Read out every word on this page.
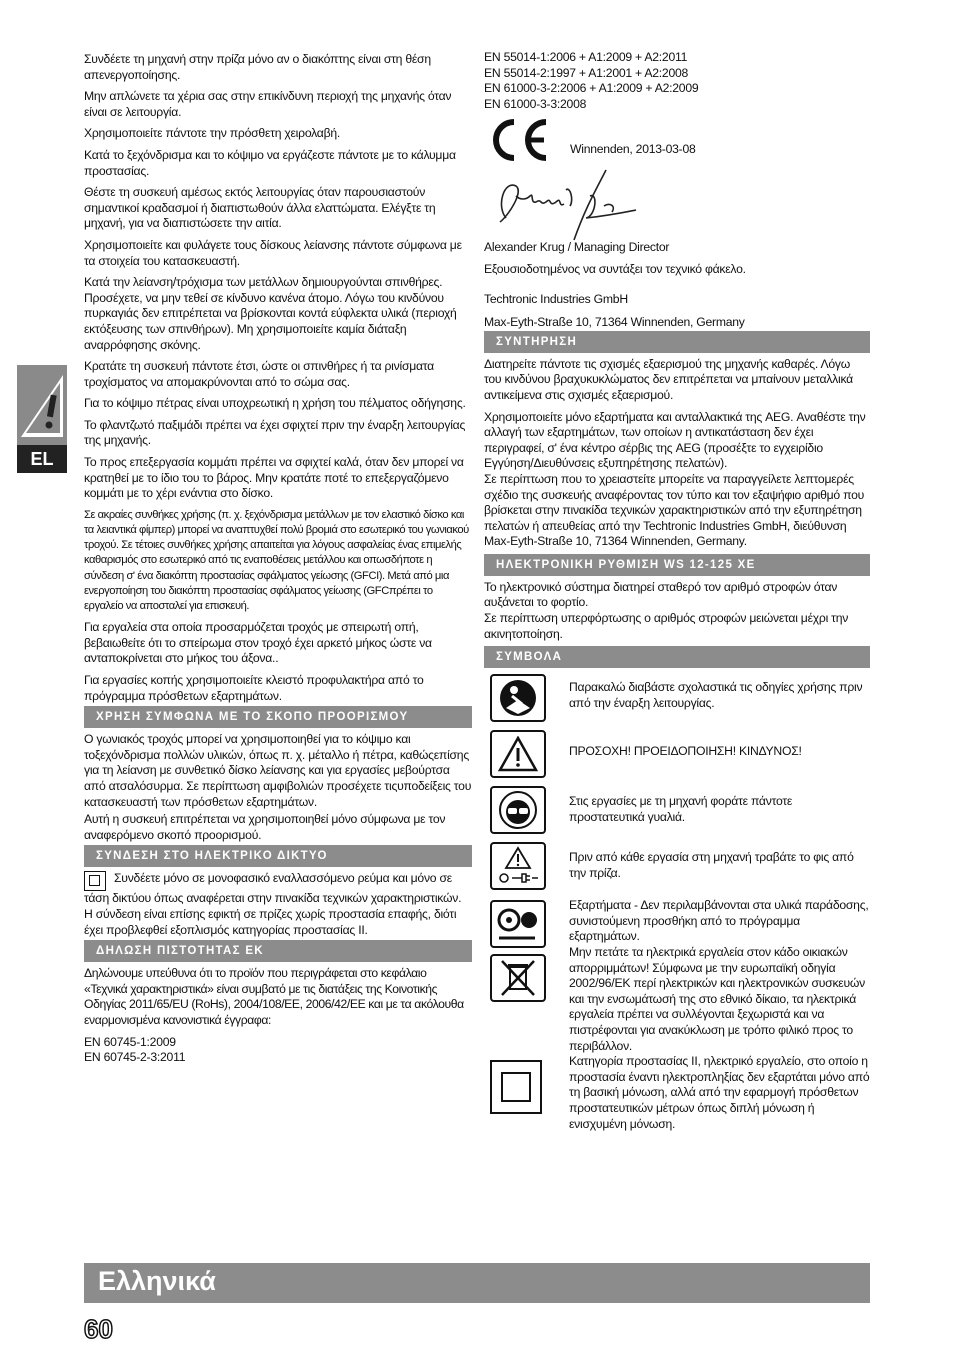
EL

Συνδέετε τη μηχανή στην πρίζα μόνο αν ο διακόπτης είναι στη θέση απενεργοποίησης.

Μην απλώνετε τα χέρια σας στην επικίνδυνη περιοχή της μηχανής όταν είναι σε λειτουργία.

Χρησιμοποιείτε πάντοτε την πρόσθετη χειρολαβή.

Κατά το ξεχόνδρισμα και το κόψιμο να εργάζεστε πάντοτε με το κάλυμμα προστασίας.

Θέστε τη συσκευή αμέσως εκτός λειτουργίας όταν παρουσιαστούν σημαντικοί κραδασμοί ή διαπιστωθούν άλλα ελαττώματα. Ελέγξτε τη μηχανή, για να διαπιστώσετε την αιτία.

Χρησιμοποιείτε και φυλάγετε τους δίσκους λείανσης πάντοτε σύμφωνα με τα στοιχεία του κατασκευαστή.

Κατά την λείανση/τρόχισμα των μετάλλων δημιουργούνται σπινθήρες. Προσέχετε, να μην τεθεί σε κίνδυνο κανένα άτομο. Λόγω του κινδύνου πυρκαγιάς δεν επιτρέπεται να βρίσκονται κοντά εύφλεκτα υλικά (περιοχή εκτόξευσης των σπινθήρων). Μη χρησιμοποιείτε καμία διάταξη αναρρόφησης σκόνης.

Κρατάτε τη συσκευή πάντοτε έτσι, ώστε οι σπινθήρες ή τα ρινίσματα τροχίσματος να απομακρύνονται από το σώμα σας.

Για το κόψιμο πέτρας είναι υποχρεωτική η χρήση του πέλματος οδήγησης.

Το φλαντζωτό παξιμάδι πρέπει να έχει σφιχτεί πριν την έναρξη λειτουργίας της μηχανής.

Το προς επεξεργασία κομμάτι πρέπει να σφιχτεί καλά, όταν δεν μπορεί να κρατηθεί με το ίδιο του το βάρος. Μην κρατάτε ποτέ το επεξεργαζόμενο κομμάτι με το χέρι ενάντια στο δίσκο.

Σε ακραίες συνθήκες χρήσης (π. χ. ξεχόνδρισμα μετάλλων με τον ελαστικό δίσκο και τα λειαντικά φίμπερ) μπορεί να αναπτυχθεί πολύ βρομιά στο εσωτερικό του γωνιακού τροχού. Σε τέτοιες συνθήκες χρήσης απαιτείται για λόγους ασφαλείας ένας επιμελής καθαρισμός στο εσωτερικό από τις εναποθέσεις μετάλλου και οπωσδήποτε η σύνδεση σ' ένα διακόπτη προστασίας σφάλματος γείωσης (GFCI). Μετά από μια ενεργοποίηση του διακόπτη προστασίας σφάλματος γείωσης (GFCπρέπει το εργαλείο να αποσταλεί για επισκευή.

Για εργαλεία στα οποία προσαρμόζεται τροχός με σπειρωτή οπή, βεβαιωθείτε ότι το σπείρωμα στον τροχό έχει αρκετό μήκος ώστε να ανταποκρίνεται στο μήκος του άξονα..

Για εργασίες κοπής χρησιμοποιείτε κλειστό προφυλακτήρα από το πρόγραμμα πρόσθετων εξαρτημάτων.

ΧΡΗΣΗ ΣΥΜΦΩΝΑ ΜΕ ΤΟ ΣΚΟΠΟ ΠΡΟΟΡΙΣΜΟΥ

Ο γωνιακός τροχός μπορεί να χρησιμοποιηθεί για το κόψιμο και τοξεχόνδρισμα πολλών υλικών, όπως π. χ. μέταλλο ή πέτρα, καθώςεπίσης για τη λείανση με συνθετικό δίσκο λείανσης και για εργασίες μεβούρτσα από ατσαλόσυρμα. Σε περίπτωση αμφιβολιών προσέχετε τιςυποδείξεις του κατασκευαστή των πρόσθετων εξαρτημάτων.

Αυτή η συσκευή επιτρέπεται να χρησιμοποιηθεί μόνο σύμφωνα με τον αναφερόμενο σκοπό προορισμού.

ΣΥΝΔΕΣΗ ΣΤΟ ΗΛΕΚΤΡΙΚΟ ΔΙΚΤΥΟ

Συνδέετε μόνο σε μονοφασικό εναλλασσόμενο ρεύμα και μόνο σε τάση δικτύου όπως αναφέρεται στην πινακίδα τεχνικών χαρακτηριστικών. Η σύνδεση είναι επίσης εφικτή σε πρίζες χωρίς προστασία επαφής, διότι έχει προβλεφθεί εξοπλισμός κατηγορίας προστασίας II.

ΔΗΛΩΣΗ ΠΙΣΤΟΤΗΤΑΣ ΕΚ

Δηλώνουμε υπεύθυνα ότι το προϊόν που περιγράφεται στο κεφάλαιο «Τεχνικά χαρακτηριστικά» είναι συμβατό με τις διατάξεις της Κοινοτικής Οδηγίας 2011/65/EU (RoHs), 2004/108/EE, 2006/42/EE και με τα ακόλουθα εναρμονισμένα κανονιστικά έγγραφα:

EN 60745-1:2009
EN 60745-2-3:2011
EN 55014-1:2006 + A1:2009 + A2:2011
EN 55014-2:1997 + A1:2001 + A2:2008
EN 61000-3-2:2006 + A1:2009 + A2:2009
EN 61000-3-3:2008
Winnenden, 2013-03-08

Alexander Krug / Managing Director

Εξουσιοδοτημένος να συντάξει τον τεχνικό φάκελο.

Techtronic Industries GmbH

Max-Eyth-Straße 10, 71364 Winnenden, Germany

ΣΥΝΤΗΡΗΣΗ

Διατηρείτε πάντοτε τις σχισμές εξαερισμού της μηχανής καθαρές. Λόγω του κινδύνου βραχυκυκλώματος δεν επιτρέπεται να μπαίνουν μεταλλικά αντικείμενα στις σχισμές εξαερισμού.

Χρησιμοποιείτε μόνο εξαρτήματα και ανταλλακτικά της AEG. Αναθέστε την αλλαγή των εξαρτημάτων, των οποίων η αντικατάσταση δεν έχει περιγραφεί, σ' ένα κέντρο σέρβις της AEG (προσέξτε το εγχειρίδιο Εγγύηση/Διευθύνσεις εξυπηρέτησης πελατών).

Σε περίπτωση που το χρειαστείτε μπορείτε να παραγγείλετε λεπτομερές σχέδιο της συσκευής αναφέροντας τον τύπο και τον εξαψήφιο αριθμό που βρίσκεται στην πινακίδα τεχνικών χαρακτηριστικών από την εξυπηρέτηση πελατών ή απευθείας από την Techtronic Industries GmbH, διεύθυνση Max-Eyth-Straße 10, 71364 Winnenden, Germany.

ΗΛΕΚΤΡΟΝΙΚΗ ΡΥΘΜΙΣΗ WS 12-125 XE

Το ηλεκτρονικό σύστημα διατηρεί σταθερό τον αριθμό στροφών όταν αυξάνεται το φορτίο.

Σε περίπτωση υπερφόρτωσης ο αριθμός στροφών μειώνεται μέχρι την ακινητοποίηση.

ΣΥΜΒΟΛΑ
Παρακαλώ διαβάστε σχολαστικά τις οδηγίες χρήσης πριν από την έναρξη λειτουργίας.
ΠΡΟΣΟΧΗ! ΠΡΟΕΙΔΟΠΟΙΗΣΗ! ΚΙΝΔΥΝΟΣ!
Στις εργασίες με τη μηχανή φοράτε πάντοτε προστατευτικά γυαλιά.
Πριν από κάθε εργασία στη μηχανή τραβάτε το φις από την πρίζα.
Εξαρτήματα - Δεν περιλαμβάνονται στα υλικά παράδοσης, συνιστούμενη προσθήκη από το πρόγραμμα εξαρτημάτων.
Μην πετάτε τα ηλεκτρικά εργαλεία στον κάδο οικιακών απορριμμάτων! Σύμφωνα με την ευρωπαϊκή οδηγία 2002/96/ΕΚ περί ηλεκτρικών και ηλεκτρονικών συσκευών και την ενσωμάτωσή της στο εθνικό δίκαιο, τα ηλεκτρικά εργαλεία πρέπει να συλλέγονται ξεχωριστά και να πιστρέφονται για ανακύκλωση με τρόπο φιλικό προς το περιβάλλον.
Κατηγορία προστασίας II, ηλεκτρικό εργαλείο, στο οποίο η προστασία έναντι ηλεκτροπληξίας δεν εξαρτάται μόνο από τη βασική μόνωση, αλλά από την εφαρμογή πρόσθετων προστατευτικών μέτρων όπως διπλή μόνωση ή ενισχυμένη μόνωση.
Ελληνικά
60
